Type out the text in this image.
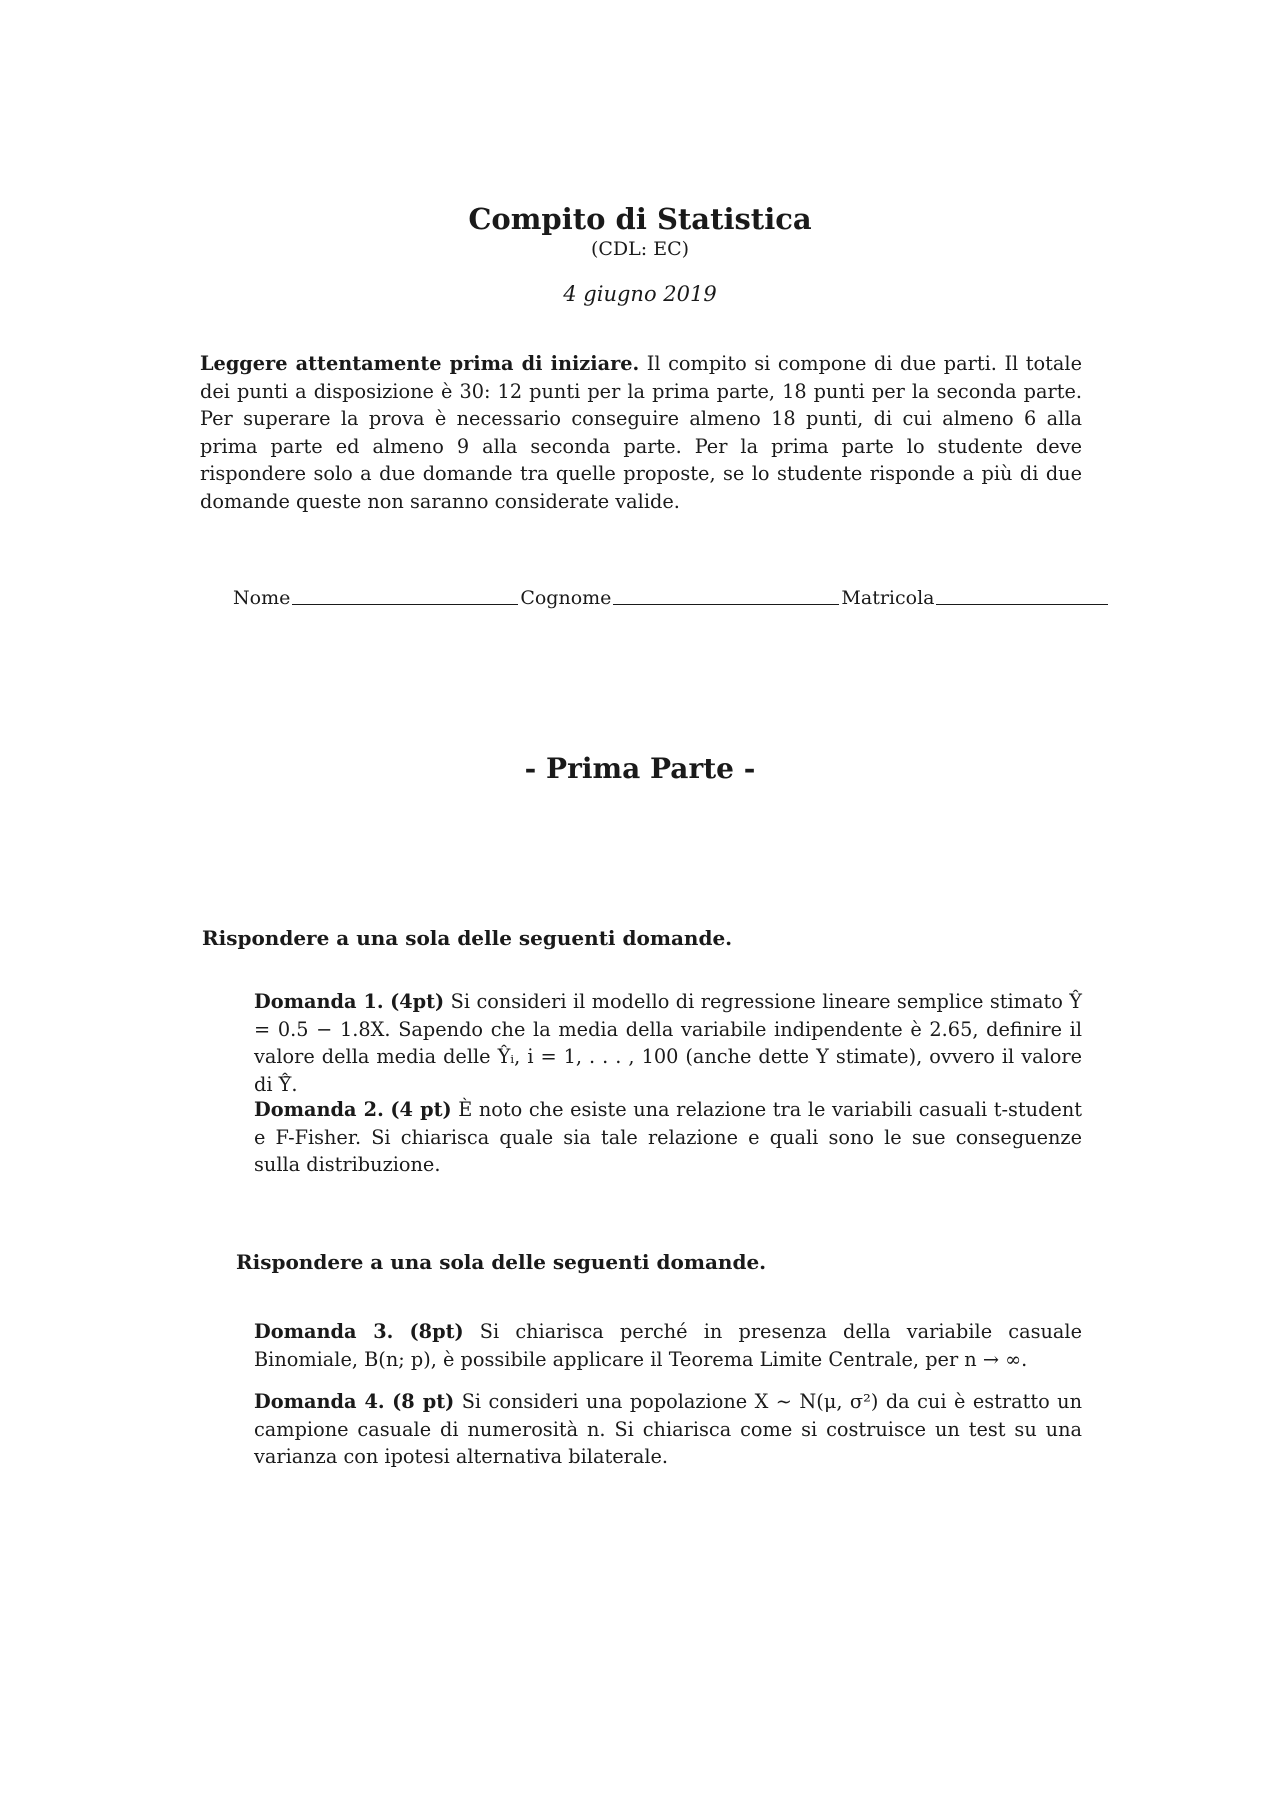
Compito di Statistica
(CDL: EC)
4 giugno 2019
Leggere attentamente prima di iniziare. Il compito si compone di due parti. Il totale dei punti a disposizione è 30: 12 punti per la prima parte, 18 punti per la seconda parte. Per superare la prova è necessario conseguire almeno 18 punti, di cui almeno 6 alla prima parte ed almeno 9 alla seconda parte. Per la prima parte lo studente deve rispondere solo a due domande tra quelle proposte, se lo studente risponde a più di due domande queste non saranno considerate valide.
Nome	Cognome	Matricola
- Prima Parte -
Rispondere a una sola delle seguenti domande.
Domanda 1. (4pt) Si consideri il modello di regressione lineare semplice stimato Ŷ = 0.5 − 1.8X. Sapendo che la media della variabile indipendente è 2.65, definire il valore della media delle Ŷᵢ, i = 1, . . . , 100 (anche dette Y stimate), ovvero il valore di Ŷ̄.
Domanda 2. (4 pt) È noto che esiste una relazione tra le variabili casuali t-student e F-Fisher. Si chiarisca quale sia tale relazione e quali sono le sue conseguenze sulla distribuzione.
Rispondere a una sola delle seguenti domande.
Domanda 3. (8pt) Si chiarisca perché in presenza della variabile casuale Binomiale, B(n; p), è possibile applicare il Teorema Limite Centrale, per n → ∞.
Domanda 4. (8 pt) Si consideri una popolazione X ∼ N(μ, σ²) da cui è estratto un campione casuale di numerosità n. Si chiarisca come si costruisce un test su una varianza con ipotesi alternativa bilaterale.
